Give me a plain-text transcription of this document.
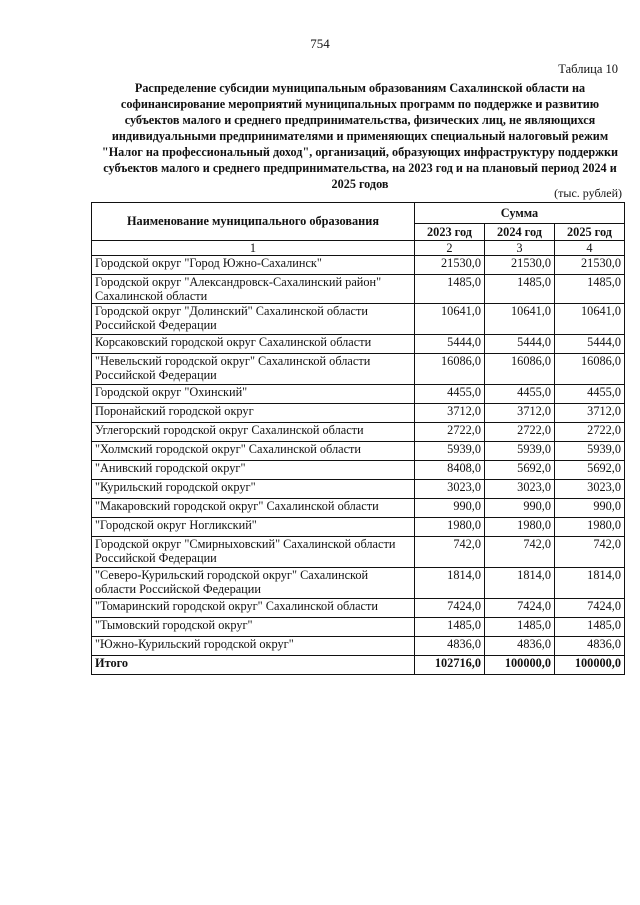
754
Таблица 10
Распределение субсидии муниципальным образованиям Сахалинской области на софинансирование мероприятий муниципальных программ по поддержке и развитию субъектов малого и среднего предпринимательства, физических лиц, не являющихся индивидуальными предпринимателями и применяющих специальный налоговый режим "Налог на профессиональный доход", организаций, образующих инфраструктуру поддержки субъектов малого и среднего предпринимательства, на 2023 год и на плановый период 2024 и 2025 годов
(тыс. рублей)
Наименование муниципального образования	Сумма		
	2023 год	2024 год	2025 год
1	2	3	4
Городской округ "Город Южно-Сахалинск"	21530,0	21530,0	21530,0
Городской округ "Александровск-Сахалинский район" Сахалинской области	1485,0	1485,0	1485,0
Городской округ "Долинский" Сахалинской области Российской Федерации	10641,0	10641,0	10641,0
Корсаковский городской округ Сахалинской области	5444,0	5444,0	5444,0
"Невельский городской округ" Сахалинской области Российской Федерации	16086,0	16086,0	16086,0
Городской округ "Охинский"	4455,0	4455,0	4455,0
Поронайский городской округ	3712,0	3712,0	3712,0
Углегорский городской округ Сахалинской области	2722,0	2722,0	2722,0
"Холмский городской округ" Сахалинской области	5939,0	5939,0	5939,0
"Анивский городской округ"	8408,0	5692,0	5692,0
"Курильский городской округ"	3023,0	3023,0	3023,0
"Макаровский городской округ" Сахалинской области	990,0	990,0	990,0
"Городской округ Ногликский"	1980,0	1980,0	1980,0
Городской округ "Смирныховский" Сахалинской области Российской Федерации	742,0	742,0	742,0
"Северо-Курильский городской округ" Сахалинской области Российской Федерации	1814,0	1814,0	1814,0
"Томаринский городской округ" Сахалинской области	7424,0	7424,0	7424,0
"Тымовский городской округ"	1485,0	1485,0	1485,0
"Южно-Курильский городской округ"	4836,0	4836,0	4836,0
Итого	102716,0	100000,0	100000,0
